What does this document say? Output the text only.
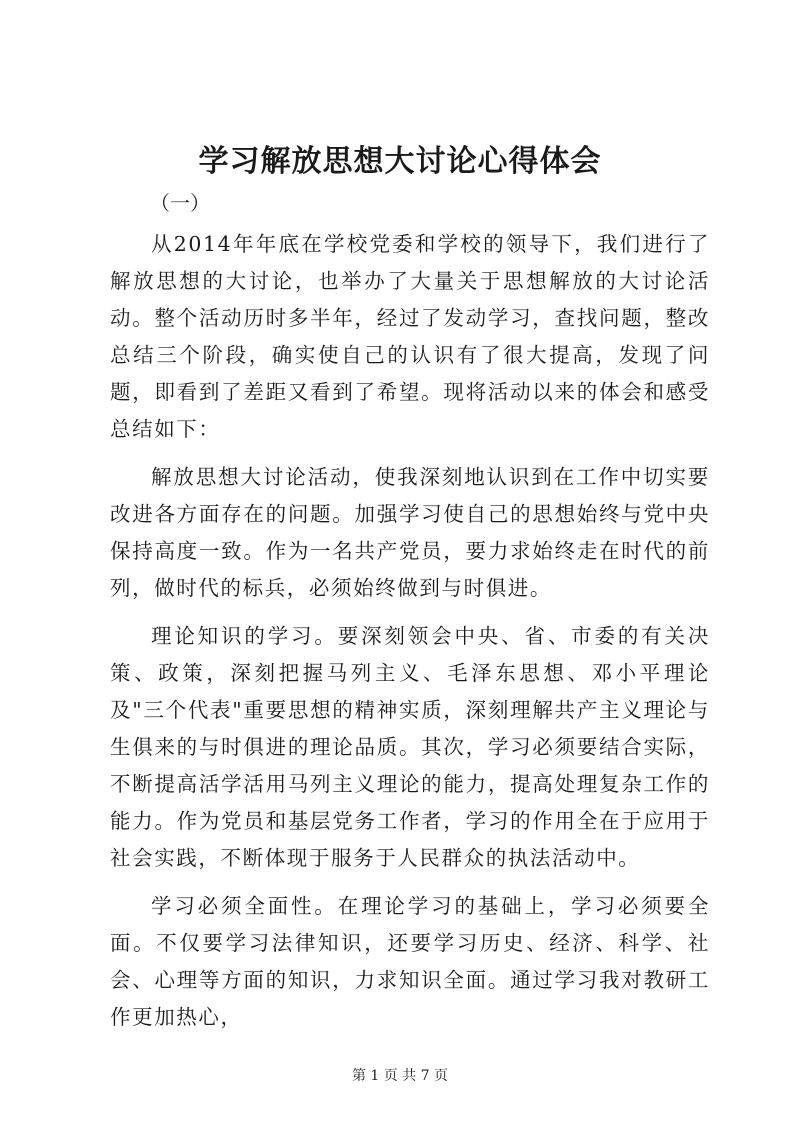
学习解放思想大讨论心得体会
（一）

从2014年年底在学校党委和学校的领导下，我们进行了解放思想的大讨论，也举办了大量关于思想解放的大讨论活动。整个活动历时多半年，经过了发动学习，查找问题，整改总结三个阶段，确实使自己的认识有了很大提高，发现了问题，即看到了差距又看到了希望。现将活动以来的体会和感受总结如下：

解放思想大讨论活动，使我深刻地认识到在工作中切实要改进各方面存在的问题。加强学习使自己的思想始终与党中央保持高度一致。作为一名共产党员，要力求始终走在时代的前列，做时代的标兵，必须始终做到与时俱进。

理论知识的学习。要深刻领会中央、省、市委的有关决策、政策，深刻把握马列主义、毛泽东思想、邓小平理论及"三个代表"重要思想的精神实质，深刻理解共产主义理论与生俱来的与时俱进的理论品质。其次，学习必须要结合实际，不断提高活学活用马列主义理论的能力，提高处理复杂工作的能力。作为党员和基层党务工作者，学习的作用全在于应用于社会实践，不断体现于服务于人民群众的执法活动中。

学习必须全面性。在理论学习的基础上，学习必须要全面。不仅要学习法律知识，还要学习历史、经济、科学、社会、心理等方面的知识，力求知识全面。通过学习我对教研工作更加热心，

第 1 页 共 7 页
